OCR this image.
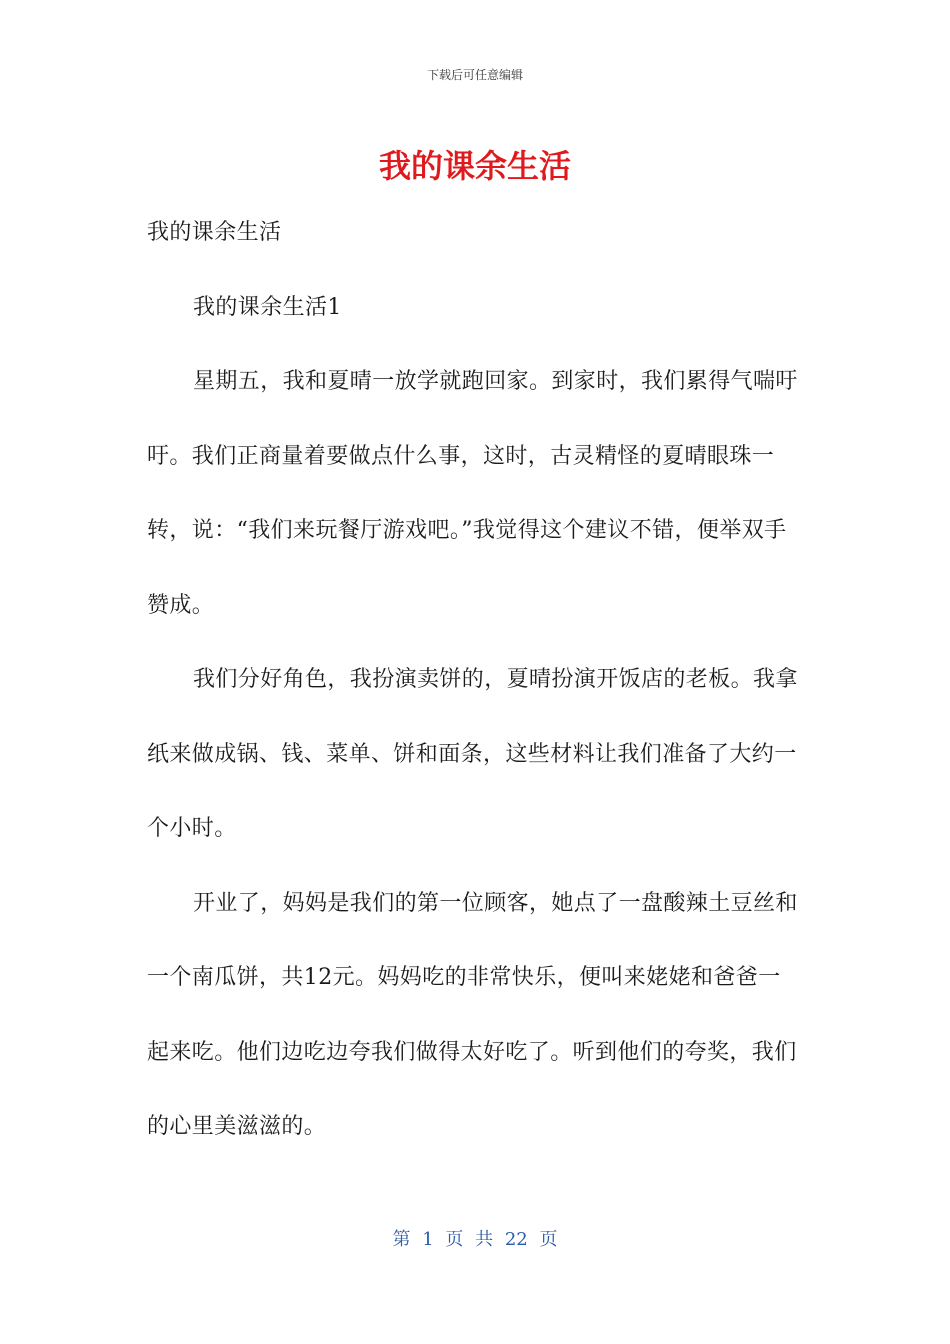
下载后可任意编辑
我的课余生活

我的课余生活

我的课余生活1

星期五，我和夏晴一放学就跑回家。到家时，我们累得气喘吁吁。我们正商量着要做点什么事，这时，古灵精怪的夏晴眼珠一转，说：“我们来玩餐厅游戏吧。”我觉得这个建议不错，便举双手赞成。

我们分好角色，我扮演卖饼的，夏晴扮演开饭店的老板。我拿纸来做成锅、钱、菜单、饼和面条，这些材料让我们准备了大约一个小时。

开业了，妈妈是我们的第一位顾客，她点了一盘酸辣土豆丝和一个南瓜饼，共12元。妈妈吃的非常快乐，便叫来姥姥和爸爸一起来吃。他们边吃边夸我们做得太好吃了。听到他们的夸奖，我们的心里美滋滋的。

第 1 页 共 22 页
